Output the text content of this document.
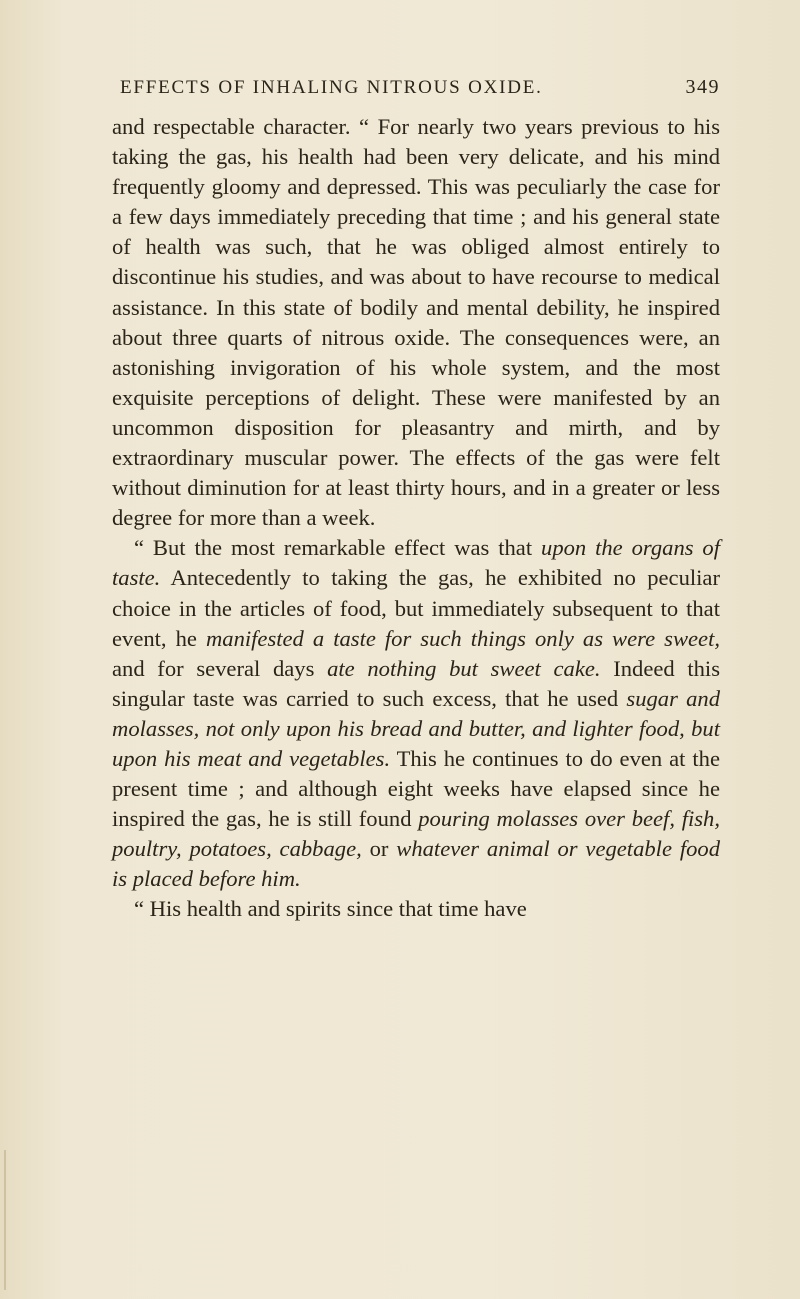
EFFECTS OF INHALING NITROUS OXIDE.	349

and respectable character. “ For nearly two years previous to his taking the gas, his health had been very delicate, and his mind frequently gloomy and depressed. This was peculiarly the case for a few days immediately preceding that time ; and his general state of health was such, that he was obliged almost entirely to discontinue his studies, and was about to have recourse to medical assistance. In this state of bodily and mental debility, he inspired about three quarts of nitrous oxide. The consequences were, an astonishing invigoration of his whole system, and the most exquisite perceptions of delight. These were manifested by an uncommon disposition for pleasantry and mirth, and by extraordinary muscular power. The effects of the gas were felt without diminution for at least thirty hours, and in a greater or less degree for more than a week.

“ But the most remarkable effect was that upon the organs of taste. Antecedently to taking the gas, he exhibited no peculiar choice in the articles of food, but immediately subsequent to that event, he manifested a taste for such things only as were sweet, and for several days ate nothing but sweet cake. Indeed this singular taste was carried to such excess, that he used sugar and molasses, not only upon his bread and butter, and lighter food, but upon his meat and vegetables. This he continues to do even at the present time ; and although eight weeks have elapsed since he inspired the gas, he is still found pouring molasses over beef, fish, poultry, potatoes, cabbage, or whatever animal or vegetable food is placed before him.

“ His health and spirits since that time have
